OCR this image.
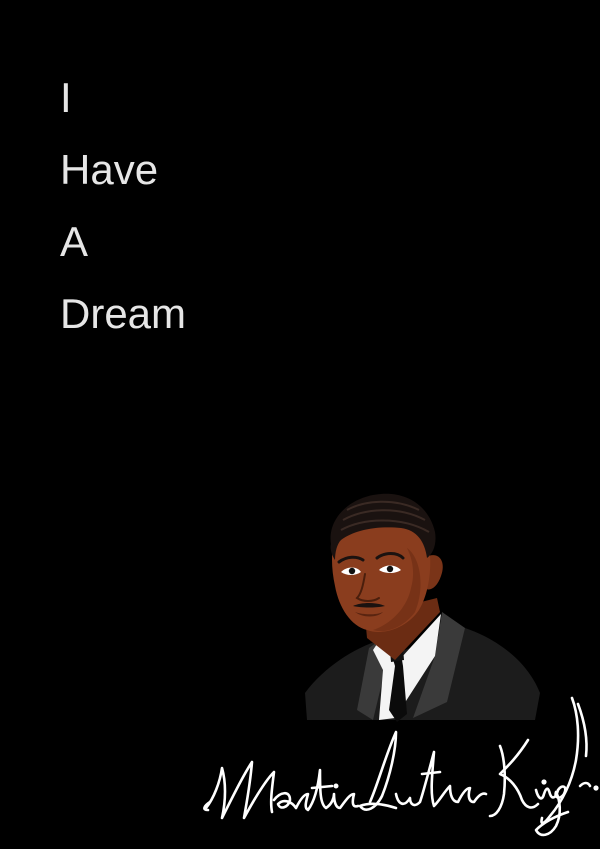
I
Have
A
Dream
